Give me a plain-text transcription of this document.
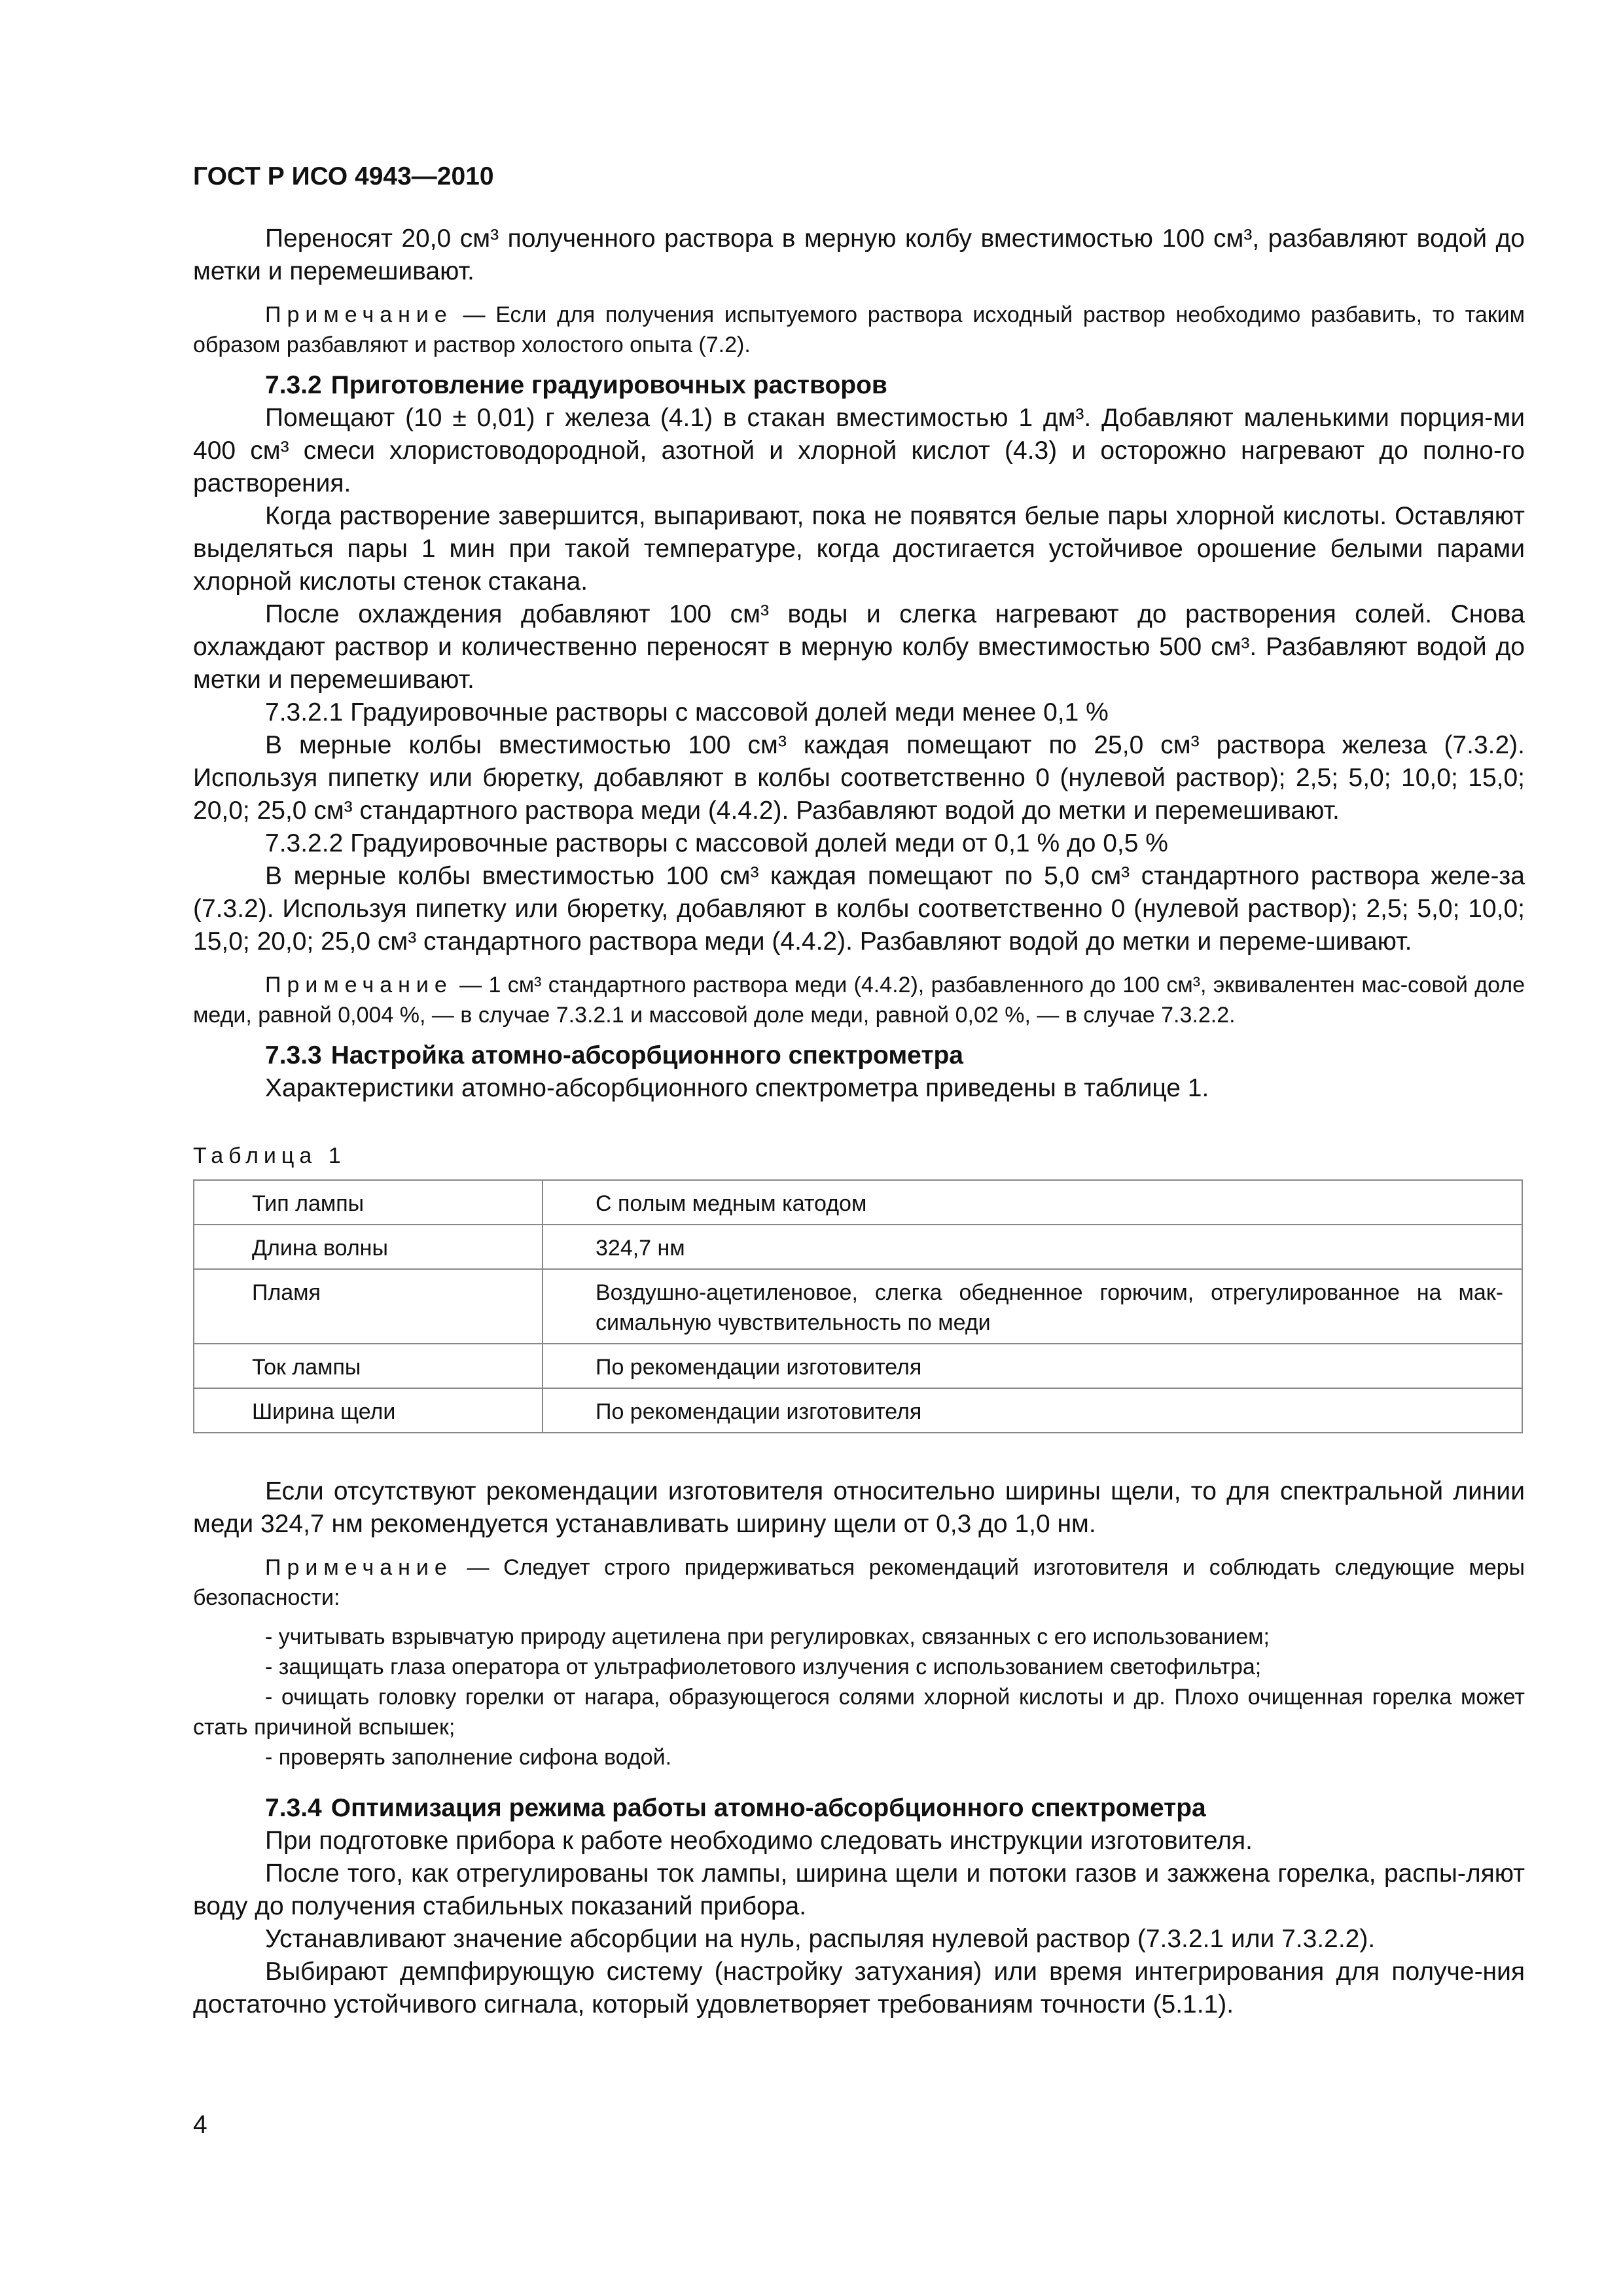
ГОСТ Р ИСО 4943—2010

Переносят 20,0 см³ полученного раствора в мерную колбу вместимостью 100 см³, разбавляют водой до метки и перемешивают.

Примечание — Если для получения испытуемого раствора исходный раствор необходимо разбавить, то таким образом разбавляют и раствор холостого опыта (7.2).

7.3.2 Приготовление градуировочных растворов

Помещают (10 ± 0,01) г железа (4.1) в стакан вместимостью 1 дм³. Добавляют маленькими порция-ми 400 см³ смеси хлористоводородной, азотной и хлорной кислот (4.3) и осторожно нагревают до полно-го растворения.

Когда растворение завершится, выпаривают, пока не появятся белые пары хлорной кислоты. Оставляют выделяться пары 1 мин при такой температуре, когда достигается устойчивое орошение белыми парами хлорной кислоты стенок стакана.

После охлаждения добавляют 100 см³ воды и слегка нагревают до растворения солей. Снова охлаждают раствор и количественно переносят в мерную колбу вместимостью 500 см³. Разбавляют водой до метки и перемешивают.

7.3.2.1 Градуировочные растворы с массовой долей меди менее 0,1 %

В мерные колбы вместимостью 100 см³ каждая помещают по 25,0 см³ раствора железа (7.3.2). Используя пипетку или бюретку, добавляют в колбы соответственно 0 (нулевой раствор); 2,5; 5,0; 10,0; 15,0; 20,0; 25,0 см³ стандартного раствора меди (4.4.2). Разбавляют водой до метки и перемешивают.

7.3.2.2 Градуировочные растворы с массовой долей меди от 0,1 % до 0,5 %

В мерные колбы вместимостью 100 см³ каждая помещают по 5,0 см³ стандартного раствора желе-за (7.3.2). Используя пипетку или бюретку, добавляют в колбы соответственно 0 (нулевой раствор); 2,5; 5,0; 10,0; 15,0; 20,0; 25,0 см³ стандартного раствора меди (4.4.2). Разбавляют водой до метки и переме-шивают.

Примечание — 1 см³ стандартного раствора меди (4.4.2), разбавленного до 100 см³, эквивалентен мас-совой доле меди, равной 0,004 %, — в случае 7.3.2.1 и массовой доле меди, равной 0,02 %, — в случае 7.3.2.2.

7.3.3 Настройка атомно-абсорбционного спектрометра

Характеристики атомно-абсорбционного спектрометра приведены в таблице 1.

Таблица 1
Тип лампы	С полым медным катодом
Длина волны	324,7 нм
Пламя	Воздушно-ацетиленовое, слегка обедненное горючим, отрегулированное на мак-симальную чувствительность по меди
Ток лампы	По рекомендации изготовителя
Ширина щели	По рекомендации изготовителя

Если отсутствуют рекомендации изготовителя относительно ширины щели, то для спектральной линии меди 324,7 нм рекомендуется устанавливать ширину щели от 0,3 до 1,0 нм.

Примечание — Следует строго придерживаться рекомендаций изготовителя и соблюдать следующие меры безопасности:

- учитывать взрывчатую природу ацетилена при регулировках, связанных с его использованием;

- защищать глаза оператора от ультрафиолетового излучения с использованием светофильтра;

- очищать головку горелки от нагара, образующегося солями хлорной кислоты и др. Плохо очищенная горелка может стать причиной вспышек;

- проверять заполнение сифона водой.

7.3.4 Оптимизация режима работы атомно-абсорбционного спектрометра

При подготовке прибора к работе необходимо следовать инструкции изготовителя.

После того, как отрегулированы ток лампы, ширина щели и потоки газов и зажжена горелка, распы-ляют воду до получения стабильных показаний прибора.

Устанавливают значение абсорбции на нуль, распыляя нулевой раствор (7.3.2.1 или 7.3.2.2).

Выбирают демпфирующую систему (настройку затухания) или время интегрирования для получе-ния достаточно устойчивого сигнала, который удовлетворяет требованиям точности (5.1.1).

4
